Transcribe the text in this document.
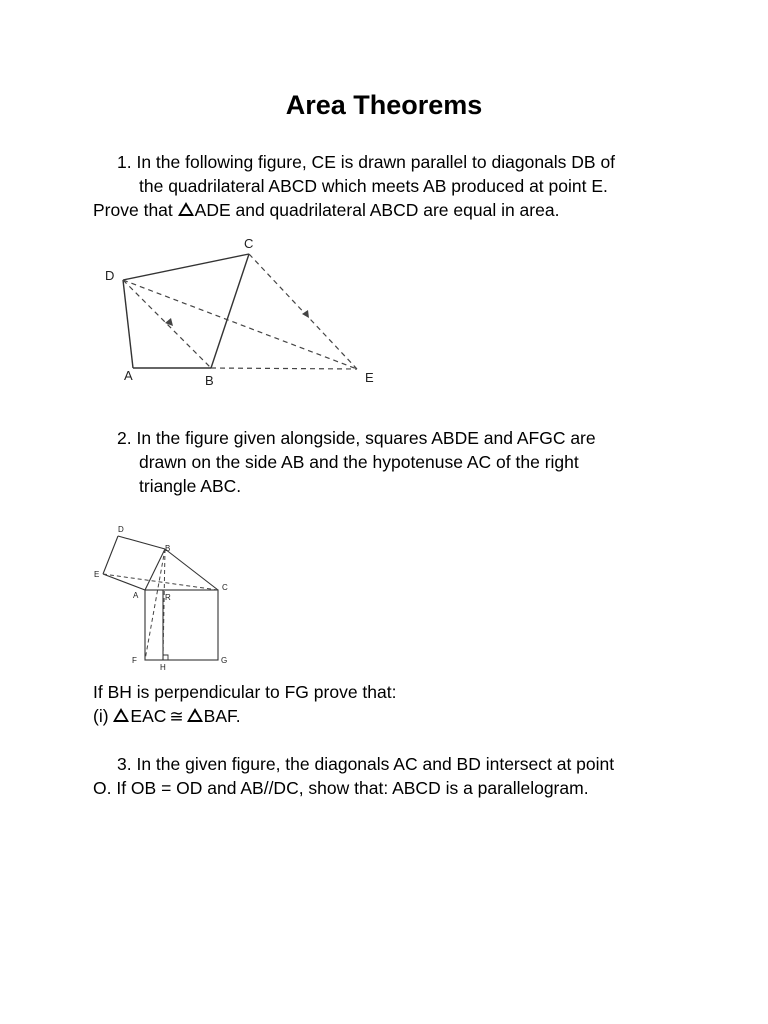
Area Theorems
1. In the following figure, CE is drawn parallel to diagonals DB of
the quadrilateral ABCD which meets AB produced at point E.
Prove that ADE and quadrilateral ABCD are equal in area.
D
C
A	B	E
2. In the figure given alongside, squares ABDE and AFGC are
drawn on the side AB and the hypotenuse AC of the right
triangle ABC.
D
B
E
C
A	R
F
H
G
If BH is perpendicular to FG prove that:
(i) EAC ≅ BAF.
3. In the given figure, the diagonals AC and BD intersect at point
O. If OB = OD and AB//DC, show that: ABCD is a parallelogram.
